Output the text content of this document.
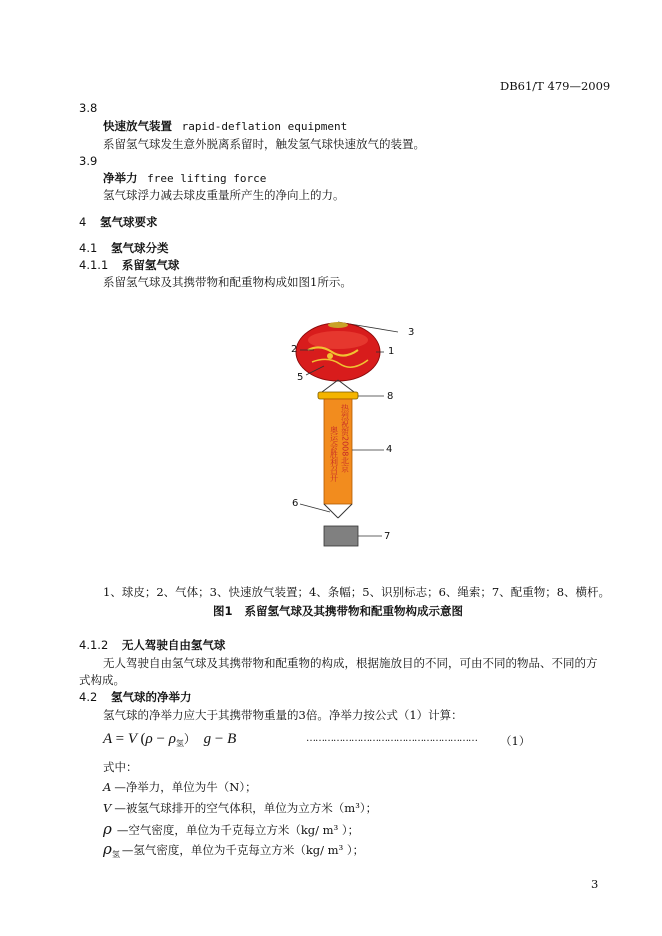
DB61/T 479—2009
3.8
快速放气装置 rapid-deflation equipment
系留氢气球发生意外脱离系留时，触发氢气球快速放气的装置。
3.9
净举力 free lifting force
氢气球浮力减去球皮重量所产生的净向上的力。
4 氢气球要求
4.1 氢气球分类
4.1.1 系留氢气球
系留氢气球及其携带物和配重物构成如图1所示。
热烈祝贺2008北京
奥运会胜利召开
3
2	1
5
8
4
6
7
1、球皮；2、气体；3、快速放气装置；4、条幅；5、识别标志；6、绳索；7、配重物；8、横杆。
图1 系留氢气球及其携带物和配重物构成示意图
4.1.2 无人驾驶自由氢气球
无人驾驶自由氢气球及其携带物和配重物的构成，根据施放目的不同，可由不同的物品、不同的方
式构成。
4.2 氢气球的净举力
氢气球的净举力应大于其携带物重量的3倍。净举力按公式（1）计算：
A = V $(\rho - \rho_氢)$ g − B	………………………………………………… （1）
式中：
A —净举力，单位为牛（N）；
V —被氢气球排开的空气体积，单位为立方米（m³）；
ρ —空气密度，单位为千克每立方米（kg/ m³ ）；
$\rho_氢$ —氢气密度，单位为千克每立方米（kg/ m³ ）；
3
